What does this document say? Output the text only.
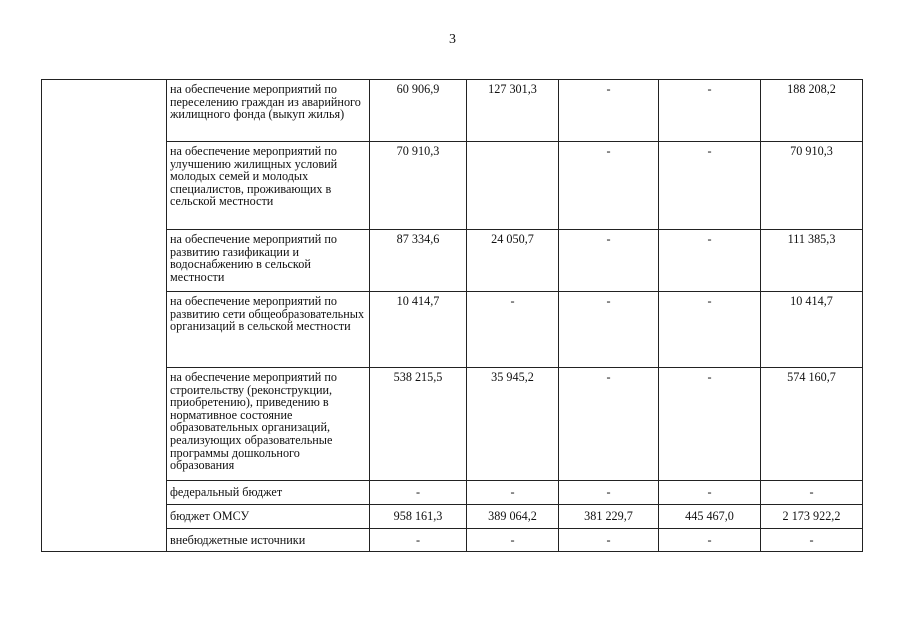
3
	на обеспечение мероприятий по переселению граждан из аварийного жилищного фонда (выкуп жилья)	60 906,9	127 301,3	-	-	188 208,2
	на обеспечение мероприятий по улучшению жилищных условий молодых семей и молодых специалистов, проживающих в сельской местности	70 910,3		-	-	70 910,3
	на обеспечение мероприятий по развитию газификации и водоснабжению в сельской местности	87 334,6	24 050,7	-	-	111 385,3
	на обеспечение мероприятий по развитию сети общеобразовательных организаций в сельской местности	10 414,7	-	-	-	10 414,7
	на обеспечение мероприятий по строительству (реконструкции, приобретению), приведению в нормативное состояние образовательных организаций, реализующих образовательные программы дошкольного образования	538 215,5	35 945,2	-	-	574 160,7
	федеральный бюджет	-	-	-	-	-
	бюджет ОМСУ	958 161,3	389 064,2	381 229,7	445 467,0	2 173 922,2
	внебюджетные источники	-	-	-	-	-
